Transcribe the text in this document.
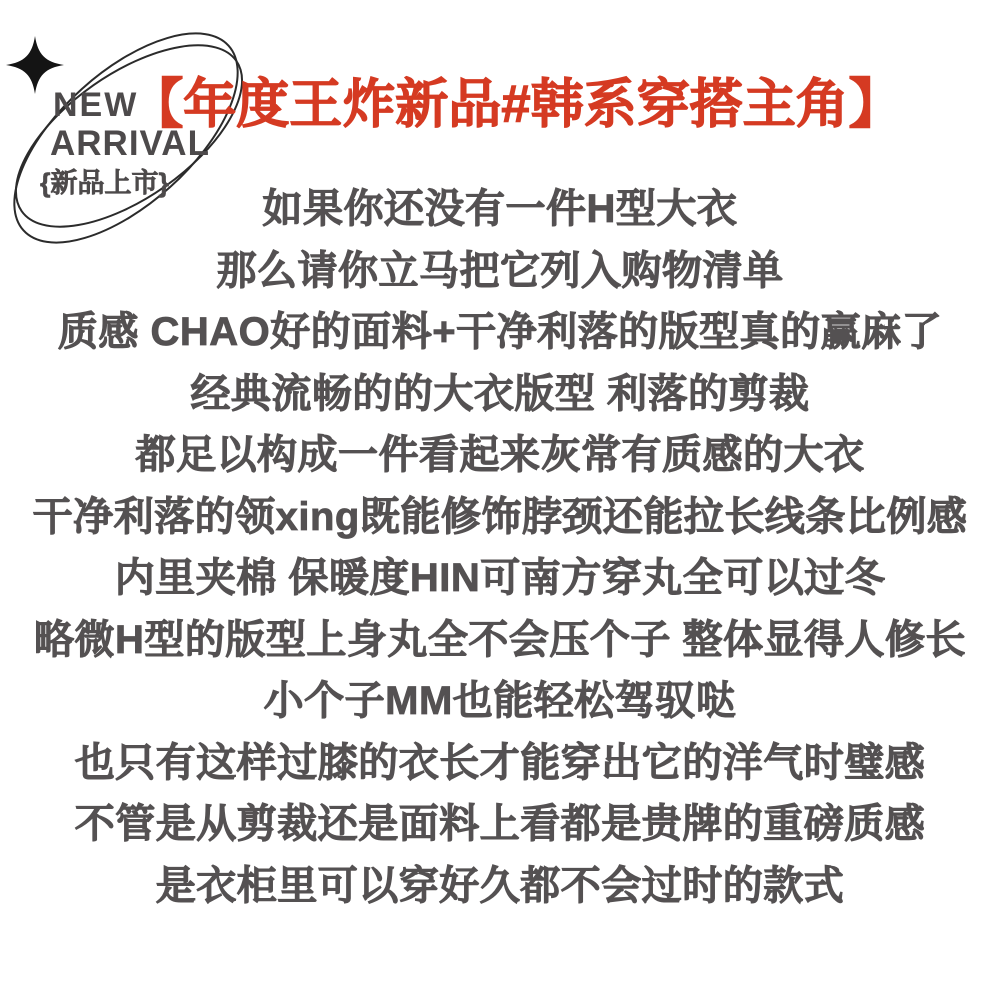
NEW
ARRIVAL
{新品上市}
【年度王炸新品#韩系穿搭主角】
如果你还没有一件H型大衣
那么请你立马把它列入购物清单
质感 CHAO好的面料+干净利落的版型真的赢麻了
经典流畅的的大衣版型 利落的剪裁
都足以构成一件看起来灰常有质感的大衣
干净利落的领xing既能修饰脖颈还能拉长线条比例感
内里夹棉 保暖度HIN可南方穿丸全可以过冬
略微H型的版型上身丸全不会压个子 整体显得人修长
小个子MM也能轻松驾驭哒
也只有这样过膝的衣长才能穿出它的洋气时璧感
不管是从剪裁还是面料上看都是贵牌的重磅质感
是衣柜里可以穿好久都不会过时的款式
